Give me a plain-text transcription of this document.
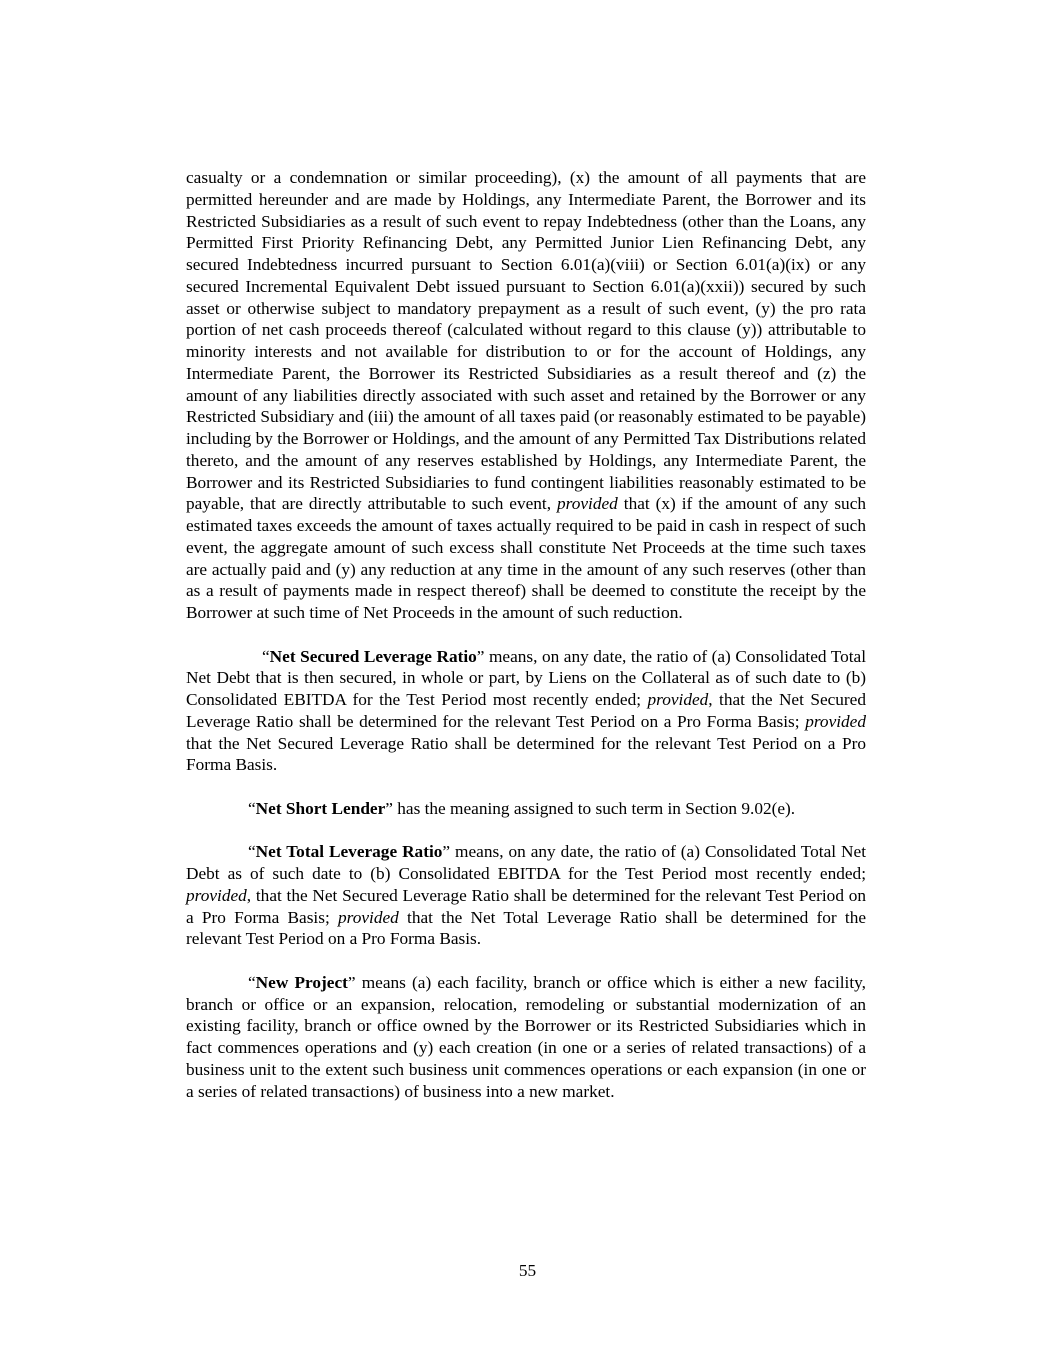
casualty or a condemnation or similar proceeding), (x) the amount of all payments that are permitted hereunder and are made by Holdings, any Intermediate Parent, the Borrower and its Restricted Subsidiaries as a result of such event to repay Indebtedness (other than the Loans, any Permitted First Priority Refinancing Debt, any Permitted Junior Lien Refinancing Debt, any secured Indebtedness incurred pursuant to Section 6.01(a)(viii) or Section 6.01(a)(ix) or any secured Incremental Equivalent Debt issued pursuant to Section 6.01(a)(xxii)) secured by such asset or otherwise subject to mandatory prepayment as a result of such event, (y) the pro rata portion of net cash proceeds thereof (calculated without regard to this clause (y)) attributable to minority interests and not available for distribution to or for the account of Holdings, any Intermediate Parent, the Borrower its Restricted Subsidiaries as a result thereof and (z) the amount of any liabilities directly associated with such asset and retained by the Borrower or any Restricted Subsidiary and (iii) the amount of all taxes paid (or reasonably estimated to be payable) including by the Borrower or Holdings, and the amount of any Permitted Tax Distributions related thereto, and the amount of any reserves established by Holdings, any Intermediate Parent, the Borrower and its Restricted Subsidiaries to fund contingent liabilities reasonably estimated to be payable, that are directly attributable to such event, provided that (x) if the amount of any such estimated taxes exceeds the amount of taxes actually required to be paid in cash in respect of such event, the aggregate amount of such excess shall constitute Net Proceeds at the time such taxes are actually paid and (y) any reduction at any time in the amount of any such reserves (other than as a result of payments made in respect thereof) shall be deemed to constitute the receipt by the Borrower at such time of Net Proceeds in the amount of such reduction.

“Net Secured Leverage Ratio” means, on any date, the ratio of (a) Consolidated Total Net Debt that is then secured, in whole or part, by Liens on the Collateral as of such date to (b) Consolidated EBITDA for the Test Period most recently ended; provided, that the Net Secured Leverage Ratio shall be determined for the relevant Test Period on a Pro Forma Basis; provided that the Net Secured Leverage Ratio shall be determined for the relevant Test Period on a Pro Forma Basis.

“Net Short Lender” has the meaning assigned to such term in Section 9.02(e).

“Net Total Leverage Ratio” means, on any date, the ratio of (a) Consolidated Total Net Debt as of such date to (b) Consolidated EBITDA for the Test Period most recently ended; provided, that the Net Secured Leverage Ratio shall be determined for the relevant Test Period on a Pro Forma Basis; provided that the Net Total Leverage Ratio shall be determined for the relevant Test Period on a Pro Forma Basis.

“New Project” means (a) each facility, branch or office which is either a new facility, branch or office or an expansion, relocation, remodeling or substantial modernization of an existing facility, branch or office owned by the Borrower or its Restricted Subsidiaries which in fact commences operations and (y) each creation (in one or a series of related transactions) of a business unit to the extent such business unit commences operations or each expansion (in one or a series of related transactions) of business into a new market.

55
